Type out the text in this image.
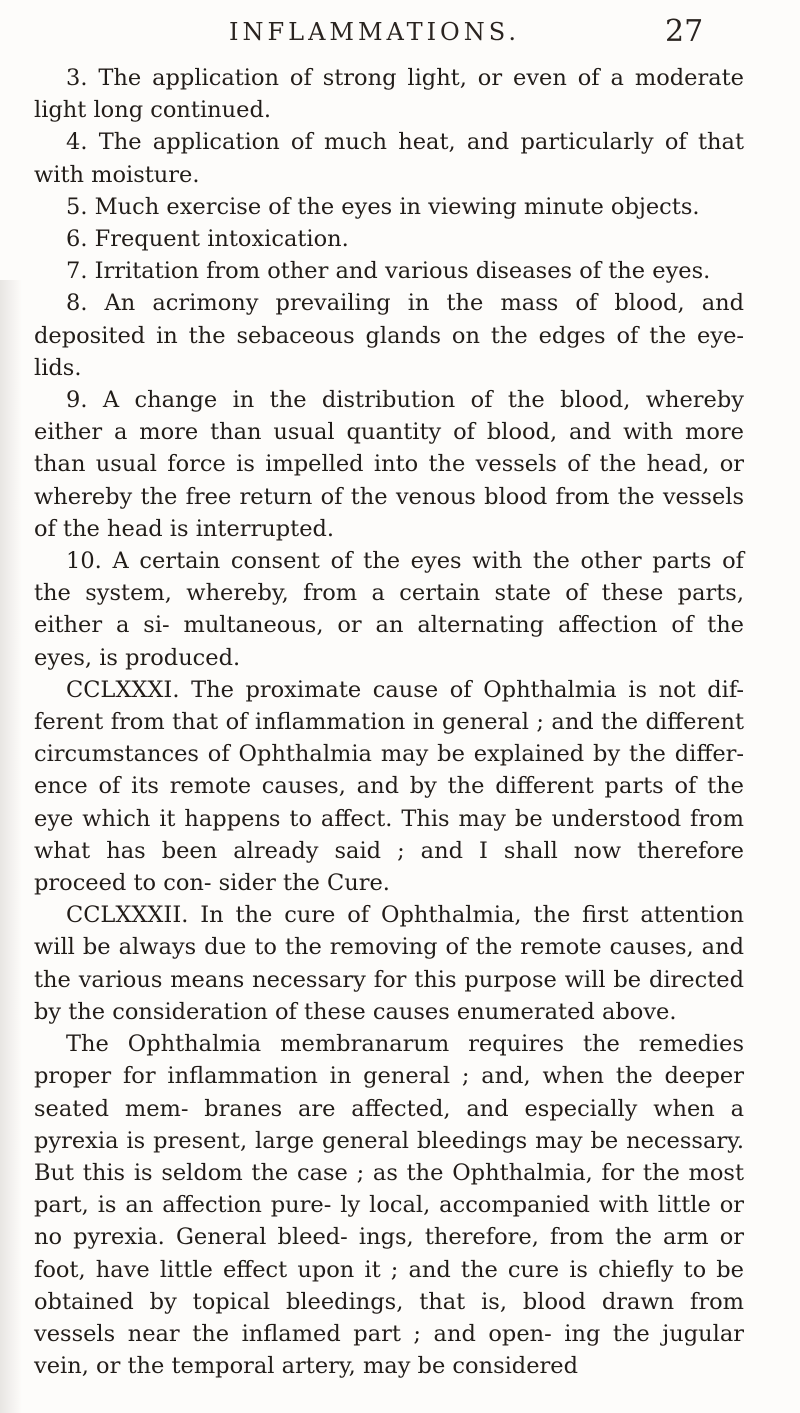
INFLAMMATIONS.	27

3. The application of strong light, or even of a moderate light long continued.

4. The application of much heat, and particularly of that with moisture.

5. Much exercise of the eyes in viewing minute objects.

6. Frequent intoxication.

7. Irritation from other and various diseases of the eyes.

8. An acrimony prevailing in the mass of blood, and deposited in the sebaceous glands on the edges of the eye-lids.

9. A change in the distribution of the blood, whereby either a more than usual quantity of blood, and with more than usual force is impelled into the vessels of the head, or whereby the free return of the venous blood from the vessels of the head is interrupted.

10. A certain consent of the eyes with the other parts of the system, whereby, from a certain state of these parts, either a si- multaneous, or an alternating affection of the eyes, is produced.

CCLXXXI. The proximate cause of Ophthalmia is not dif- ferent from that of inflammation in general ; and the different circumstances of Ophthalmia may be explained by the differ- ence of its remote causes, and by the different parts of the eye which it happens to affect. This may be understood from what has been already said ; and I shall now therefore proceed to con- sider the Cure.

CCLXXXII. In the cure of Ophthalmia, the first attention will be always due to the removing of the remote causes, and the various means necessary for this purpose will be directed by the consideration of these causes enumerated above.

The Ophthalmia membranarum requires the remedies proper for inflammation in general ; and, when the deeper seated mem- branes are affected, and especially when a pyrexia is present, large general bleedings may be necessary. But this is seldom the case ; as the Ophthalmia, for the most part, is an affection pure- ly local, accompanied with little or no pyrexia. General bleed- ings, therefore, from the arm or foot, have little effect upon it ; and the cure is chiefly to be obtained by topical bleedings, that is, blood drawn from vessels near the inflamed part ; and open- ing the jugular vein, or the temporal artery, may be considered
